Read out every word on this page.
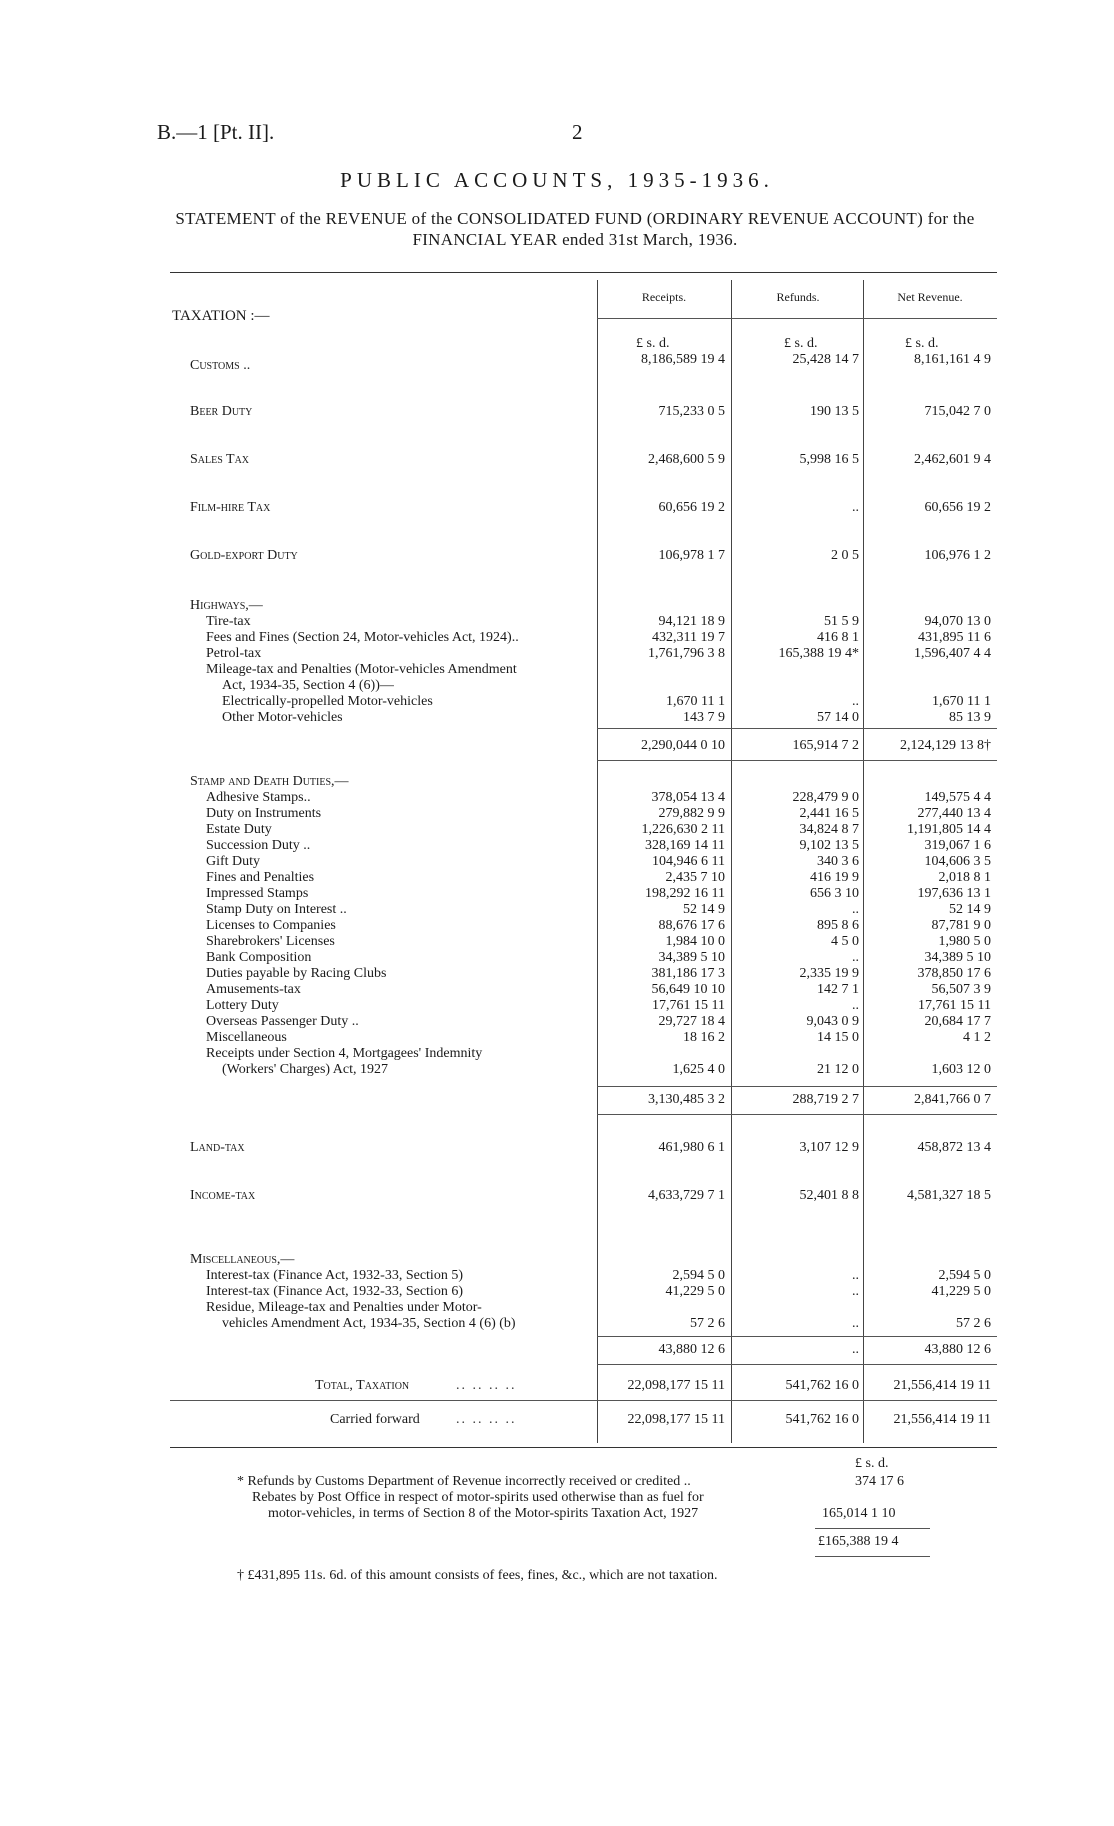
B.—1 [Pt. II].	2
PUBLIC ACCOUNTS, 1935-1936.
STATEMENT of the REVENUE of the CONSOLIDATED FUND (ORDINARY REVENUE ACCOUNT) for the FINANCIAL YEAR ended 31st March, 1936.
TAXATION :—
Receipts.	Refunds.	Net Revenue.
£ s. d.	£ s. d.	£ s. d.
Customs ..	8,186,589 19 4	25,428 14 7	8,161,161 4 9
Beer Duty	715,233 0 5	190 13 5	715,042 7 0
Sales Tax	2,468,600 5 9	5,998 16 5	2,462,601 9 4
Film-hire Tax	60,656 19 2	..	60,656 19 2
Gold-export Duty	106,978 1 7	2 0 5	106,976 1 2
Highways,—
Tire-tax	94,121 18 9	51 5 9	94,070 13 0
Fees and Fines (Section 24, Motor-vehicles Act, 1924)..	432,311 19 7	416 8 1	431,895 11 6
Petrol-tax	1,761,796 3 8	165,388 19 4*	1,596,407 4 4
Mileage-tax and Penalties (Motor-vehicles Amendment
Act, 1934-35, Section 4 (6))—
Electrically-propelled Motor-vehicles	1,670 11 1	..	1,670 11 1
Other Motor-vehicles	143 7 9	57 14 0	85 13 9
2,290,044 0 10	165,914 7 2	2,124,129 13 8†
Stamp and Death Duties,—
Adhesive Stamps..	378,054 13 4	228,479 9 0	149,575 4 4
Duty on Instruments	279,882 9 9	2,441 16 5	277,440 13 4
Estate Duty	1,226,630 2 11	34,824 8 7	1,191,805 14 4
Succession Duty ..	328,169 14 11	9,102 13 5	319,067 1 6
Gift Duty	104,946 6 11	340 3 6	104,606 3 5
Fines and Penalties	2,435 7 10	416 19 9	2,018 8 1
Impressed Stamps	198,292 16 11	656 3 10	197,636 13 1
Stamp Duty on Interest ..	52 14 9	..	52 14 9
Licenses to Companies	88,676 17 6	895 8 6	87,781 9 0
Sharebrokers' Licenses	1,984 10 0	4 5 0	1,980 5 0
Bank Composition	34,389 5 10	..	34,389 5 10
Duties payable by Racing Clubs	381,186 17 3	2,335 19 9	378,850 17 6
Amusements-tax	56,649 10 10	142 7 1	56,507 3 9
Lottery Duty	17,761 15 11	..	17,761 15 11
Overseas Passenger Duty ..	29,727 18 4	9,043 0 9	20,684 17 7
Miscellaneous	18 16 2	14 15 0	4 1 2
Receipts under Section 4, Mortgagees' Indemnity
(Workers' Charges) Act, 1927	1,625 4 0	21 12 0	1,603 12 0
3,130,485 3 2	288,719 2 7	2,841,766 0 7
Land-tax	461,980 6 1	3,107 12 9	458,872 13 4
Income-tax	4,633,729 7 1	52,401 8 8	4,581,327 18 5
Miscellaneous,—
Interest-tax (Finance Act, 1932-33, Section 5)	2,594 5 0	..	2,594 5 0
Interest-tax (Finance Act, 1932-33, Section 6)	41,229 5 0	..	41,229 5 0
Residue, Mileage-tax and Penalties under Motor-
vehicles Amendment Act, 1934-35, Section 4 (6) (b)	57 2 6	..	57 2 6
43,880 12 6	..	43,880 12 6
Total, Taxation	.. .. .. ..	22,098,177 15 11	541,762 16 0	21,556,414 19 11
Carried forward	.. .. .. ..	22,098,177 15 11	541,762 16 0	21,556,414 19 11
£ s. d.
* Refunds by Customs Department of Revenue incorrectly received or credited ..	374 17 6
Rebates by Post Office in respect of motor-spirits used otherwise than as fuel for
motor-vehicles, in terms of Section 8 of the Motor-spirits Taxation Act, 1927	165,014 1 10
£165,388 19 4
† £431,895 11s. 6d. of this amount consists of fees, fines, &c., which are not taxation.
